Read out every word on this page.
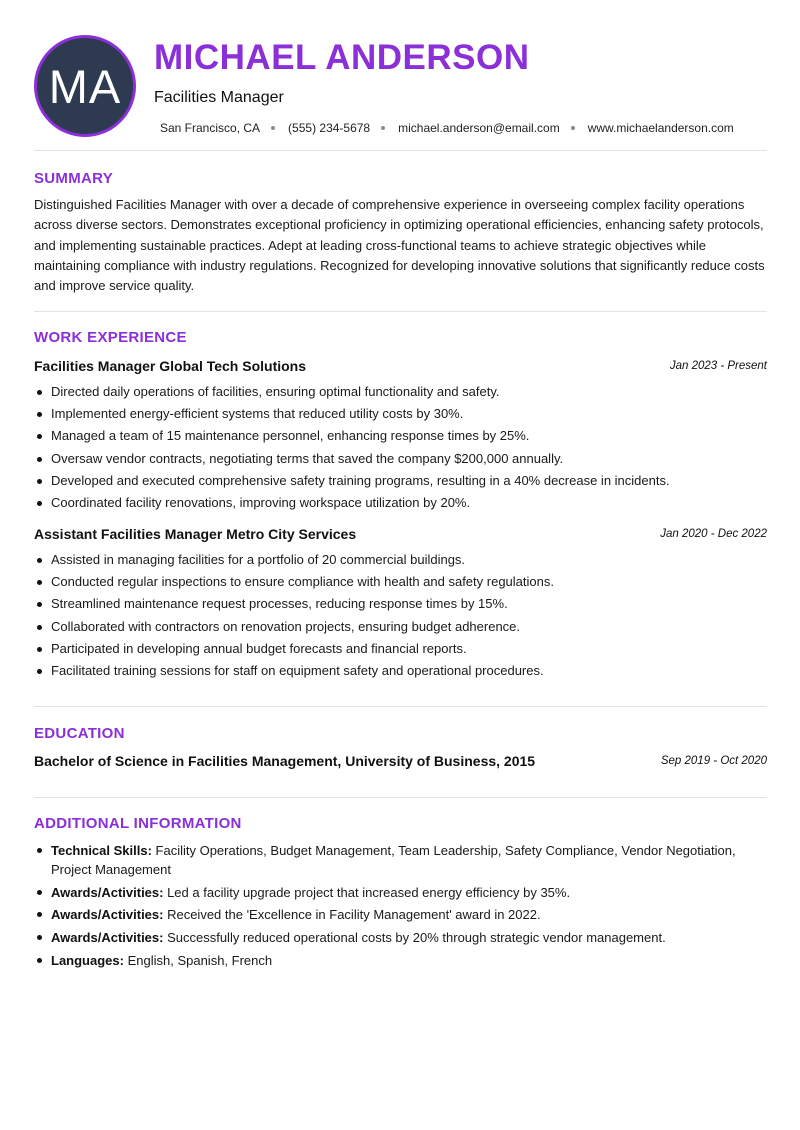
MA
MICHAEL ANDERSON
Facilities Manager
San Francisco, CA (555) 234-5678 michael.anderson@email.com www.michaelanderson.com
SUMMARY
Distinguished Facilities Manager with over a decade of comprehensive experience in overseeing complex facility operations across diverse sectors. Demonstrates exceptional proficiency in optimizing operational efficiencies, enhancing safety protocols, and implementing sustainable practices. Adept at leading cross-functional teams to achieve strategic objectives while maintaining compliance with industry regulations. Recognized for developing innovative solutions that significantly reduce costs and improve service quality.
WORK EXPERIENCE
Facilities Manager Global Tech Solutions	Jan 2023 - Present
Directed daily operations of facilities, ensuring optimal functionality and safety.
Implemented energy-efficient systems that reduced utility costs by 30%.
Managed a team of 15 maintenance personnel, enhancing response times by 25%.
Oversaw vendor contracts, negotiating terms that saved the company $200,000 annually.
Developed and executed comprehensive safety training programs, resulting in a 40% decrease in incidents.
Coordinated facility renovations, improving workspace utilization by 20%.
Assistant Facilities Manager Metro City Services	Jan 2020 - Dec 2022
Assisted in managing facilities for a portfolio of 20 commercial buildings.
Conducted regular inspections to ensure compliance with health and safety regulations.
Streamlined maintenance request processes, reducing response times by 15%.
Collaborated with contractors on renovation projects, ensuring budget adherence.
Participated in developing annual budget forecasts and financial reports.
Facilitated training sessions for staff on equipment safety and operational procedures.
EDUCATION
Bachelor of Science in Facilities Management, University of Business, 2015	Sep 2019 - Oct 2020
ADDITIONAL INFORMATION
Technical Skills: Facility Operations, Budget Management, Team Leadership, Safety Compliance, Vendor Negotiation, Project Management
Awards/Activities: Led a facility upgrade project that increased energy efficiency by 35%.
Awards/Activities: Received the 'Excellence in Facility Management' award in 2022.
Awards/Activities: Successfully reduced operational costs by 20% through strategic vendor management.
Languages: English, Spanish, French
